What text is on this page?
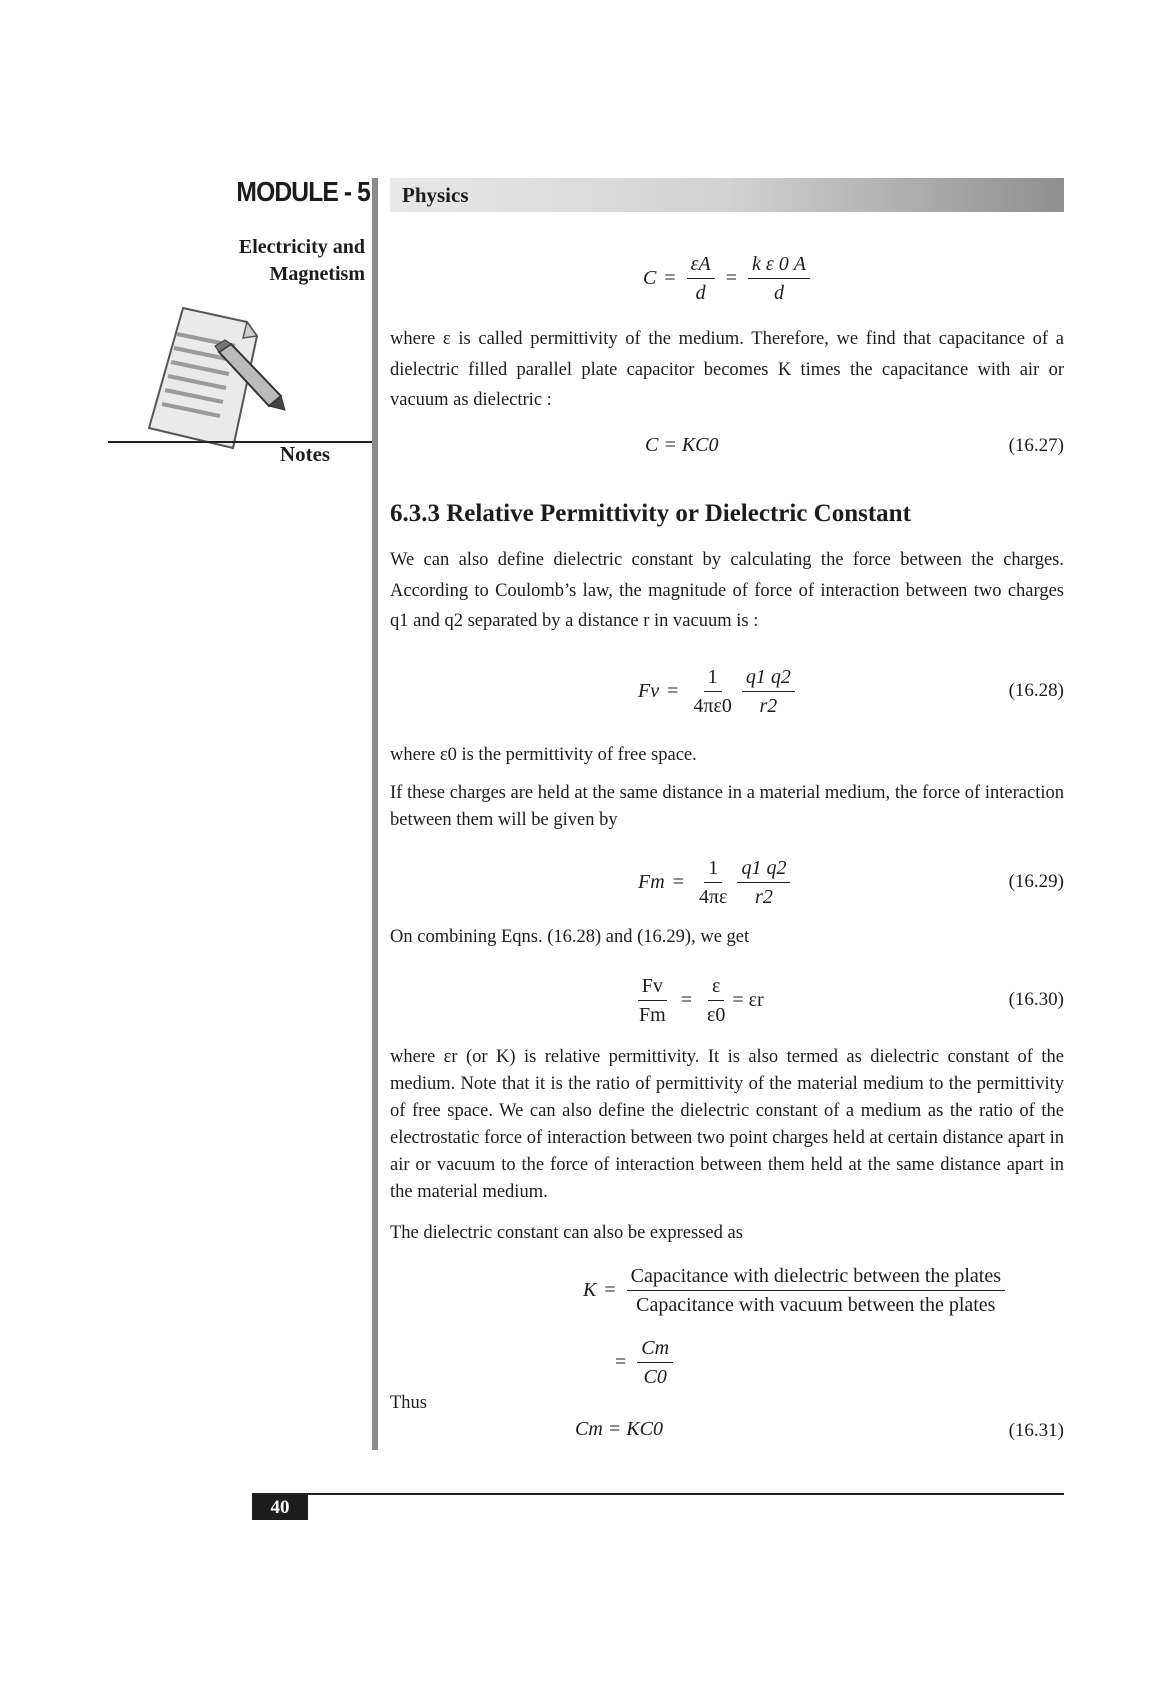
MODULE - 5
Electricity and
Magnetism
Notes
Physics
$C = \frac{\varepsilon A}{d} = \frac{\text{k ε 0 A}}{d}$
where ε is called permittivity of the medium. Therefore, we find that capacitance of a dielectric filled parallel plate capacitor becomes K times the capacitance with air or vacuum as dielectric :
C = KC0	(16.27)
6.3.3 Relative Permittivity or Dielectric Constant
We can also define dielectric constant by calculating the force between the charges. According to Coulomb’s law, the magnitude of force of interaction between two charges q1 and q2 separated by a distance r in vacuum is :
$Fv = \frac{1}{4\pi\varepsilon 0} \frac{q1 q2}{r2}$	(16.28)
where ε0 is the permittivity of free space.
If these charges are held at the same distance in a material medium, the force of interaction between them will be given by
$Fm = \frac{1}{4\pi\varepsilon} \frac{q1 q2}{r2}$	(16.29)
On combining Eqns. (16.28) and (16.29), we get
$\frac{Fv}{Fm} = \frac{\varepsilon}{\varepsilon 0} = \varepsilon r$	(16.30)
where εr (or K) is relative permittivity. It is also termed as dielectric constant of the medium. Note that it is the ratio of permittivity of the material medium to the permittivity of free space. We can also define the dielectric constant of a medium as the ratio of the electrostatic force of interaction between two point charges held at certain distance apart in air or vacuum to the force of interaction between them held at the same distance apart in the material medium.
The dielectric constant can also be expressed as
$K = \frac{\text{Capacitance with dielectric between the plates}}{\text{Capacitance with vacuum between the plates}}$
= $\frac{Cm}{C0}$
Thus
Cm = KC0	(16.31)
40
